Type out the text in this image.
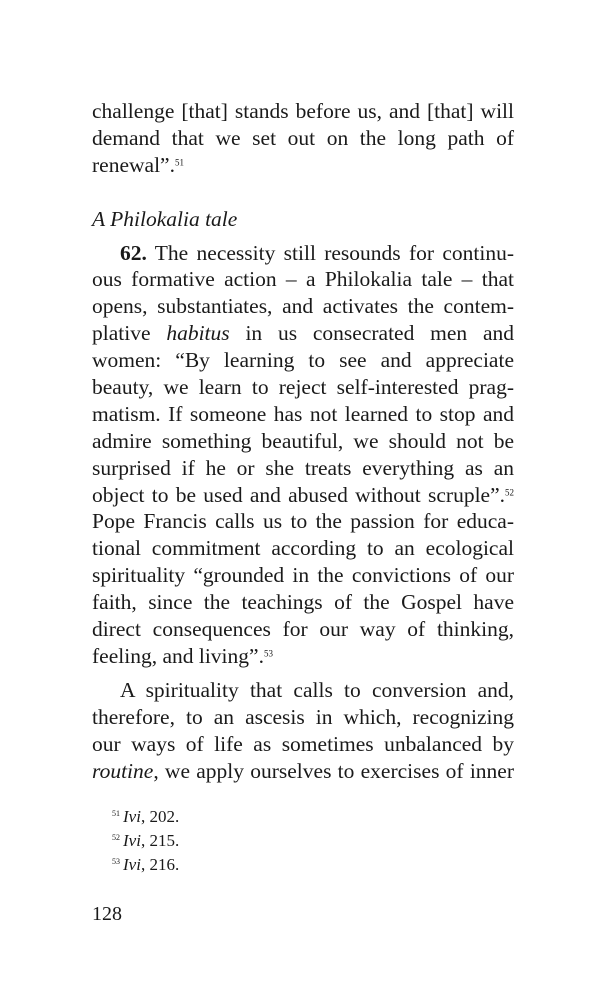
challenge [that] stands before us, and [that] will
demand that we set out on the long path of
renewal”.$^{51}$
A Philokalia tale
62. The necessity still resounds for continu-
ous formative action – a Philokalia tale – that
opens, substantiates, and activates the contem-
plative habitus in us consecrated men and
women: “By learning to see and appreciate
beauty, we learn to reject self-interested prag-
matism. If someone has not learned to stop and
admire something beautiful, we should not be
surprised if he or she treats everything as an
object to be used and abused without scruple”.$^{52}$
Pope Francis calls us to the passion for educa-
tional commitment according to an ecological
spirituality “grounded in the convictions of our
faith, since the teachings of the Gospel have
direct consequences for our way of thinking,
feeling, and living”.$^{53}$
A spirituality that calls to conversion and,
therefore, to an ascesis in which, recognizing
our ways of life as sometimes unbalanced by
routine, we apply ourselves to exercises of inner
$^{51}$ Ivi, 202.
$^{52}$ Ivi, 215.
$^{53}$ Ivi, 216.
128
